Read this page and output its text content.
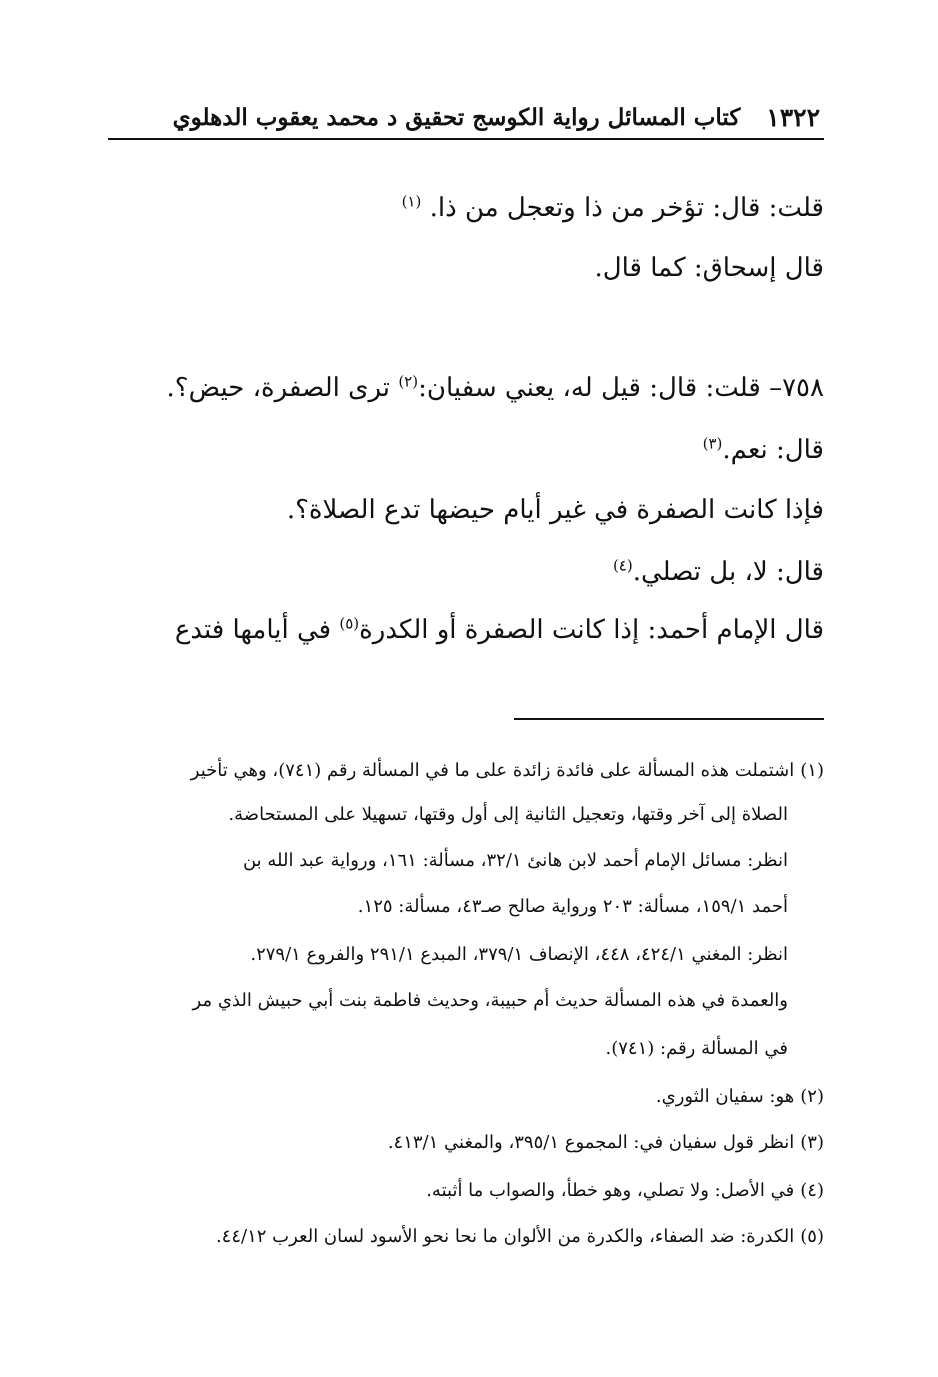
١٣٢٢
كتاب المسائل رواية الكوسج تحقيق د محمد يعقوب الدهلوي
قلت: قال: تؤخر من ذا وتعجل من ذا. $^{(١)}$
قال إسحاق: كما قال.
٧٥٨– قلت: قال: قيل له، يعني سفيان:$^{(٢)}$ ترى الصفرة، حيض؟.
قال: نعم.$^{(٣)}$
فإذا كانت الصفرة في غير أيام حيضها تدع الصلاة؟.
قال: لا، بل تصلي.$^{(٤)}$
قال الإمام أحمد: إذا كانت الصفرة أو الكدرة$^{(٥)}$ في أيامها فتدع
(١)اشتملت هذه المسألة على فائدة زائدة على ما في المسألة رقم (٧٤١)، وهي تأخير
الصلاة إلى آخر وقتها، وتعجيل الثانية إلى أول وقتها، تسهيلا على المستحاضة.
انظر: مسائل الإمام أحمد لابن هانئ ٣٢/١، مسألة: ١٦١، ورواية عبد الله بن
أحمد ١٥٩/١، مسألة: ٢٠٣ ورواية صالح صـ٤٣، مسألة: ١٢٥.
انظر: المغني ٤٢٤/١، ٤٤٨، الإنصاف ٣٧٩/١، المبدع ٢٩١/١ والفروع ٢٧٩/١.
والعمدة في هذه المسألة حديث أم حبيبة، وحديث فاطمة بنت أبي حبيش الذي مر
في المسألة رقم: (٧٤١).
(٢)هو: سفيان الثوري.
(٣)انظر قول سفيان في: المجموع ٣٩٥/١، والمغني ٤١٣/١.
(٤)في الأصل: ولا تصلي، وهو خطأ، والصواب ما أثبته.
(٥)الكدرة: ضد الصفاء، والكدرة من الألوان ما نحا نحو الأسود لسان العرب ٤٤/١٢.
